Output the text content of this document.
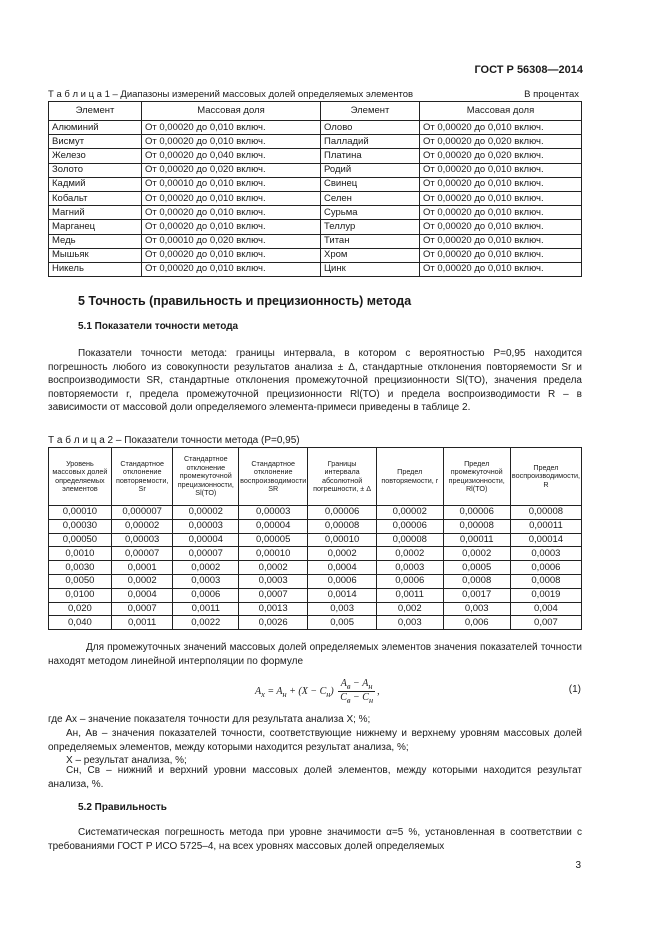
ГОСТ Р 56308—2014
Т а б л и ц а 1 – Диапазоны измерений массовых долей определяемых элементов	В процентах
Элемент	Массовая доля	Элемент	Массовая доля
Алюминий	От 0,00020 до 0,010 включ.	Олово	От 0,00020 до 0,010 включ.
Висмут	От 0,00020 до 0,010 включ.	Палладий	От 0,00020 до 0,020 включ.
Железо	От 0,00020 до 0,040 включ.	Платина	От 0,00020 до 0,020 включ.
Золото	От 0,00020 до 0,020 включ.	Родий	От 0,00020 до 0,010 включ.
Кадмий	От 0,00010 до 0,010 включ.	Свинец	От 0,00020 до 0,010 включ.
Кобальт	От 0,00020 до 0,010 включ.	Селен	От 0,00020 до 0,010 включ.
Магний	От 0,00020 до 0,010 включ.	Сурьма	От 0,00020 до 0,010 включ.
Марганец	От 0,00020 до 0,010 включ.	Теллур	От 0,00020 до 0,010 включ.
Медь	От 0,00010 до 0,020 включ.	Титан	От 0,00020 до 0,010 включ.
Мышьяк	От 0,00020 до 0,010 включ.	Хром	От 0,00020 до 0,010 включ.
Никель	От 0,00020 до 0,010 включ.	Цинк	От 0,00020 до 0,010 включ.
5 Точность (правильность и прецизионность) метода
5.1 Показатели точности метода
Показатели точности метода: границы интервала, в котором с вероятностью P=0,95 находится погрешность любого из совокупности результатов анализа ± Δ, стандартные отклонения повторяемости Sr и воспроизводимости SR, стандартные отклонения промежуточной прецизионности Sl(TO), значения предела повторяемости r, предела промежуточной прецизионности Rl(TO) и предела воспроизводимости R – в зависимости от массовой доли определяемого элемента-примеси приведены в таблице 2.
Т а б л и ц а 2 – Показатели точности метода (P=0,95)
Уровень массовых долей определяемых элементов	Стандартное отклонение повторяемости, Sr	Стандартное отклонение промежуточной прецизионности, Sl(TO)	Стандартное отклонение воспроизводимости SR	Границы интервала абсолютной погрешности, ± Δ	Предел повторяемости, r	Предел промежуточной прецизионности, Rl(TO)	Предел воспроизводимости, R
0,00010	0,000007	0,00002	0,00003	0,00006	0,00002	0,00006	0,00008
0,00030	0,00002	0,00003	0,00004	0,00008	0,00006	0,00008	0,00011
0,00050	0,00003	0,00004	0,00005	0,00010	0,00008	0,00011	0,00014
0,0010	0,00007	0,00007	0,00010	0,0002	0,0002	0,0002	0,0003
0,0030	0,0001	0,0002	0,0002	0,0004	0,0003	0,0005	0,0006
0,0050	0,0002	0,0003	0,0003	0,0006	0,0006	0,0008	0,0008
0,0100	0,0004	0,0006	0,0007	0,0014	0,0011	0,0017	0,0019
0,020	0,0007	0,0011	0,0013	0,003	0,002	0,003	0,004
0,040	0,0011	0,0022	0,0026	0,005	0,003	0,006	0,007
Для промежуточных значений массовых долей определяемых элементов значения показателей точности находят методом линейной интерполяции по формуле
$A_x = A_н + (X - C_н) \frac{A_в - A_н}{C_в - C_н}$ ,	(1)
где Ax – значение показателя точности для результата анализа X; %;
Aн, Aв – значения показателей точности, соответствующие нижнему и верхнему уровням массовых долей определяемых элементов, между которыми находится результат анализа, %;
X – результат анализа, %;
Cн, Cв – нижний и верхний уровни массовых долей элементов, между которыми находится результат анализа, %.
5.2 Правильность
Систематическая погрешность метода при уровне значимости α=5 %, установленная в соответствии с требованиями ГОСТ Р ИСО 5725–4, на всех уровнях массовых долей определяемых
3
